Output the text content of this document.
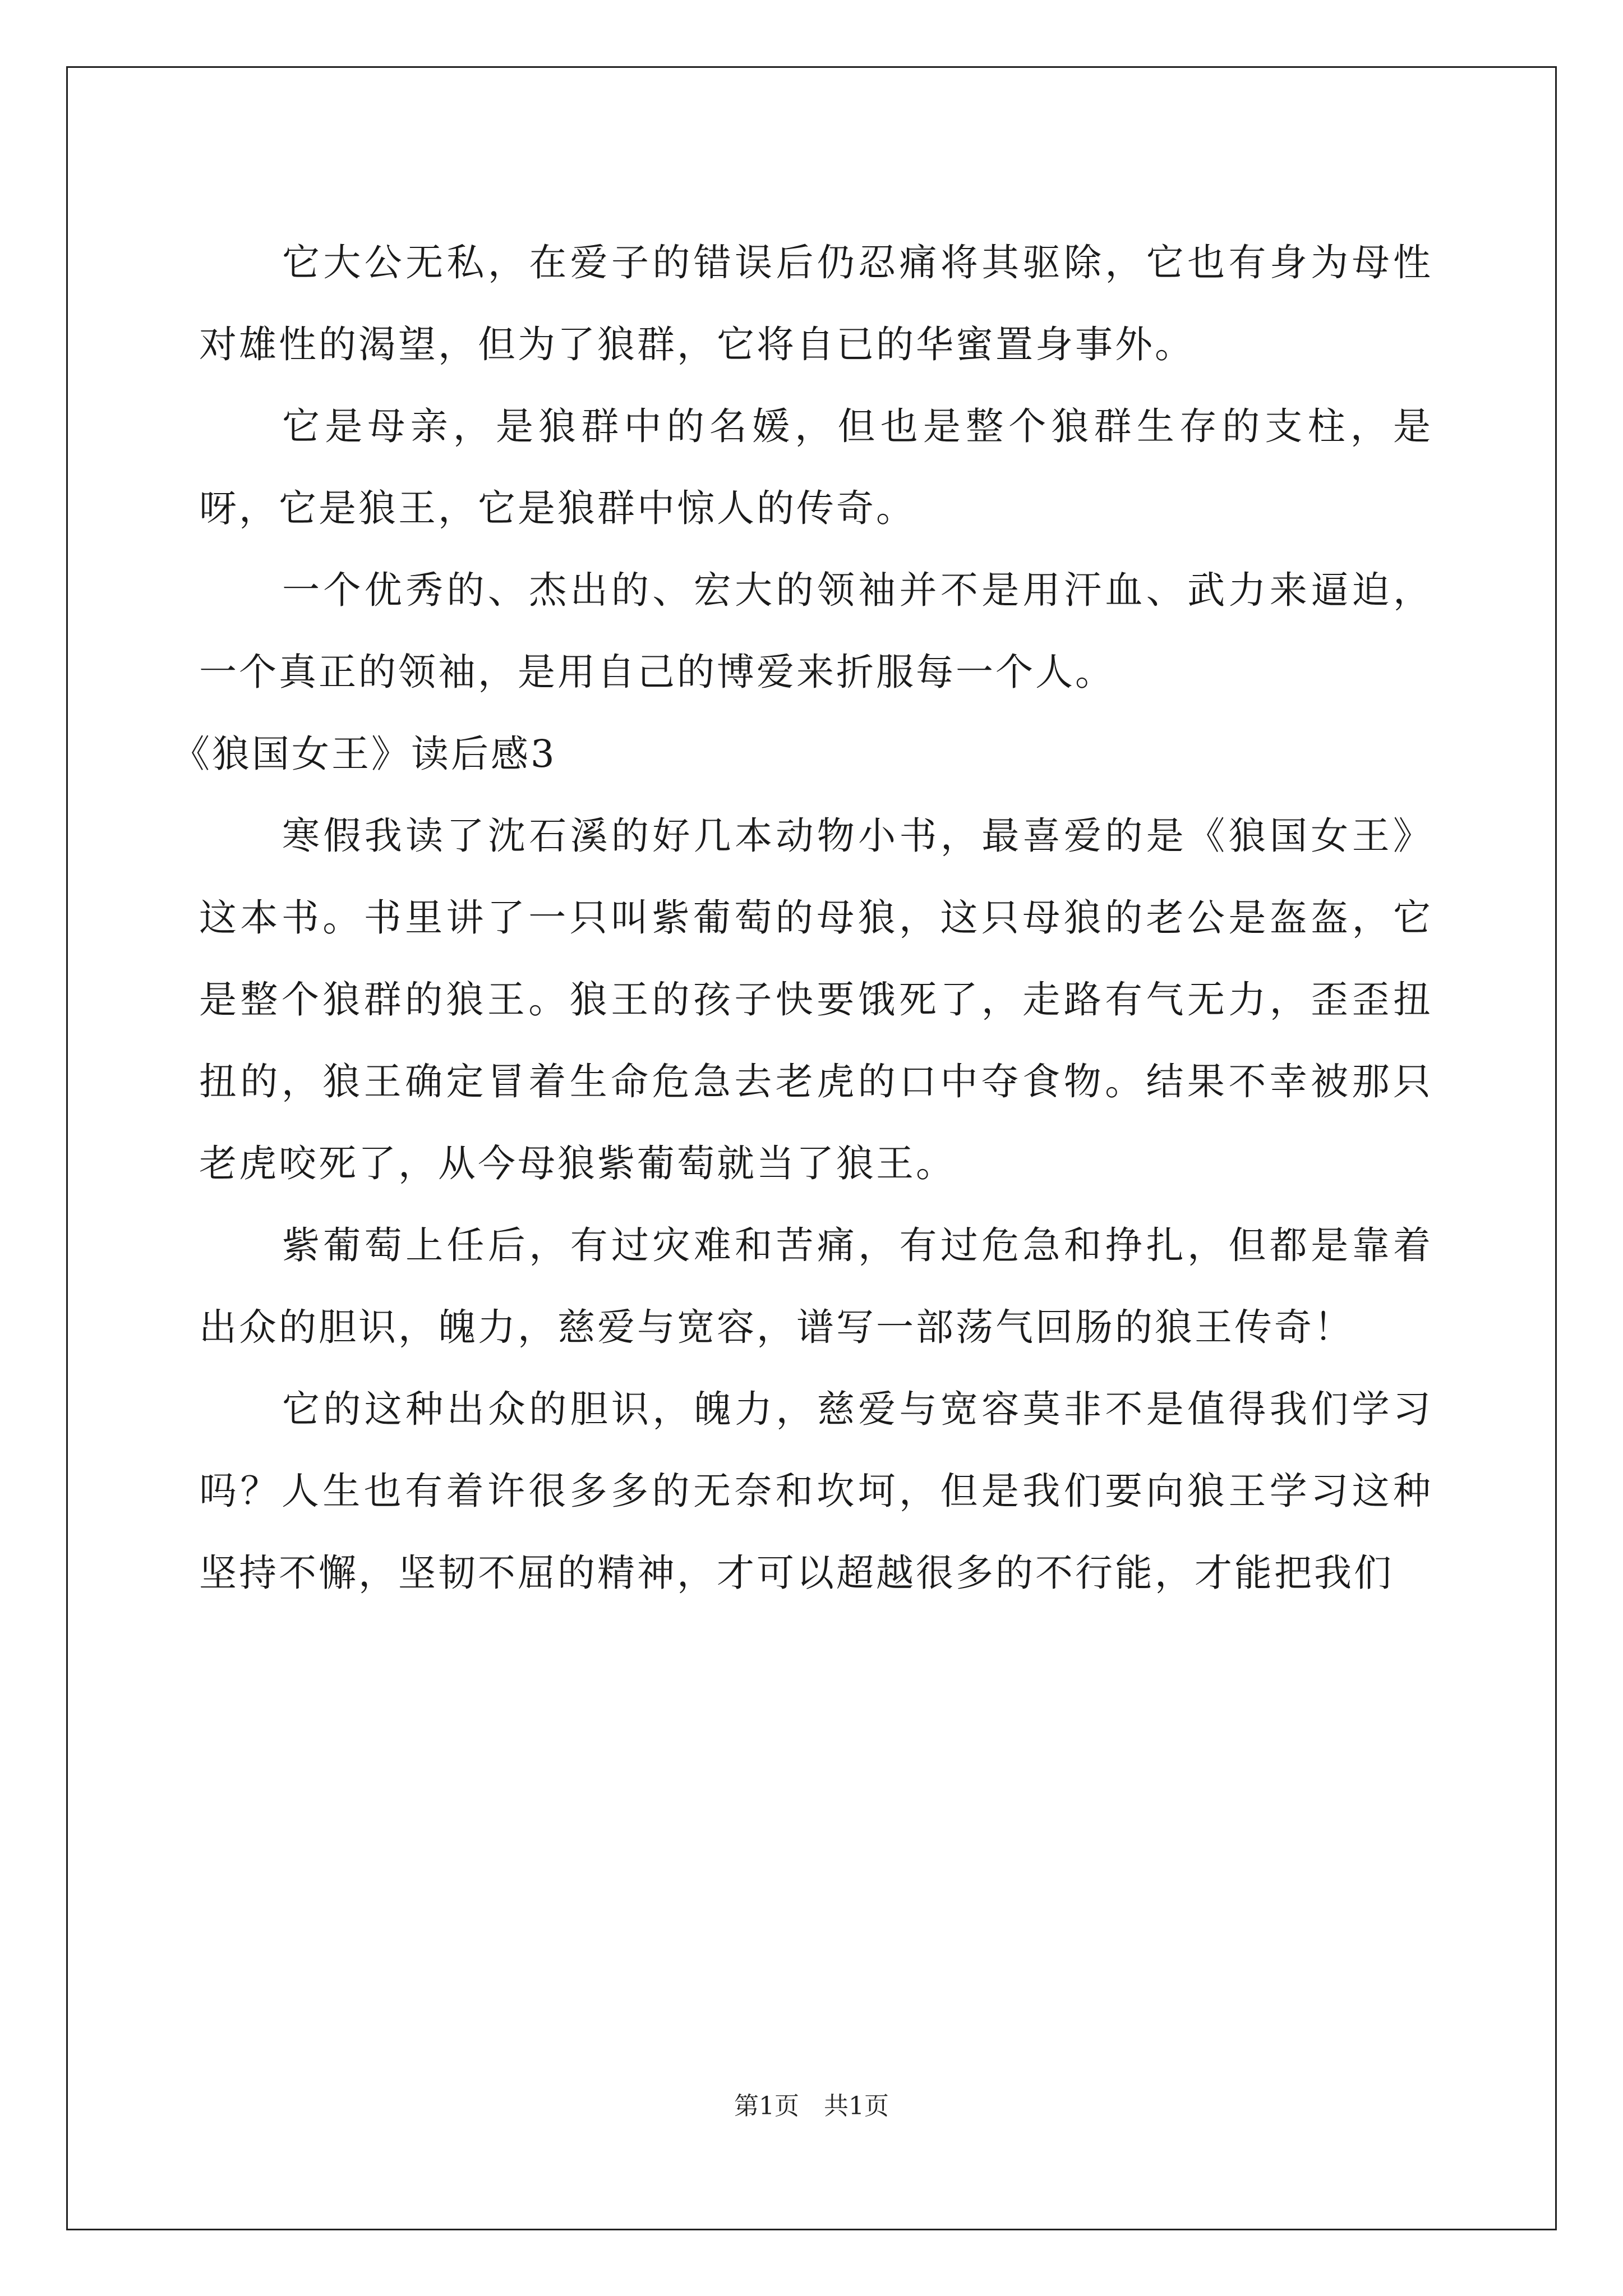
它大公无私，在爱子的错误后仍忍痛将其驱除，它也有身为母性对雄性的渴望，但为了狼群，它将自已的华蜜置身事外。

它是母亲，是狼群中的名媛，但也是整个狼群生存的支柱，是呀，它是狼王，它是狼群中惊人的传奇。

一个优秀的、杰出的、宏大的领袖并不是用汗血、武力来逼迫，一个真正的领袖，是用自己的博爱来折服每一个人。

《狼国女王》读后感3

寒假我读了沈石溪的好几本动物小书，最喜爱的是《狼国女王》这本书。书里讲了一只叫紫葡萄的母狼，这只母狼的老公是盔盔，它是整个狼群的狼王。狼王的孩子快要饿死了，走路有气无力，歪歪扭扭的，狼王确定冒着生命危急去老虎的口中夺食物。结果不幸被那只老虎咬死了，从今母狼紫葡萄就当了狼王。

紫葡萄上任后，有过灾难和苦痛，有过危急和挣扎，但都是靠着出众的胆识，魄力，慈爱与宽容，谱写一部荡气回肠的狼王传奇！

它的这种出众的胆识，魄力，慈爱与宽容莫非不是值得我们学习吗？人生也有着许很多多的无奈和坎坷，但是我们要向狼王学习这种坚持不懈，坚韧不屈的精神，才可以超越很多的不行能，才能把我们

第1页　共1页
